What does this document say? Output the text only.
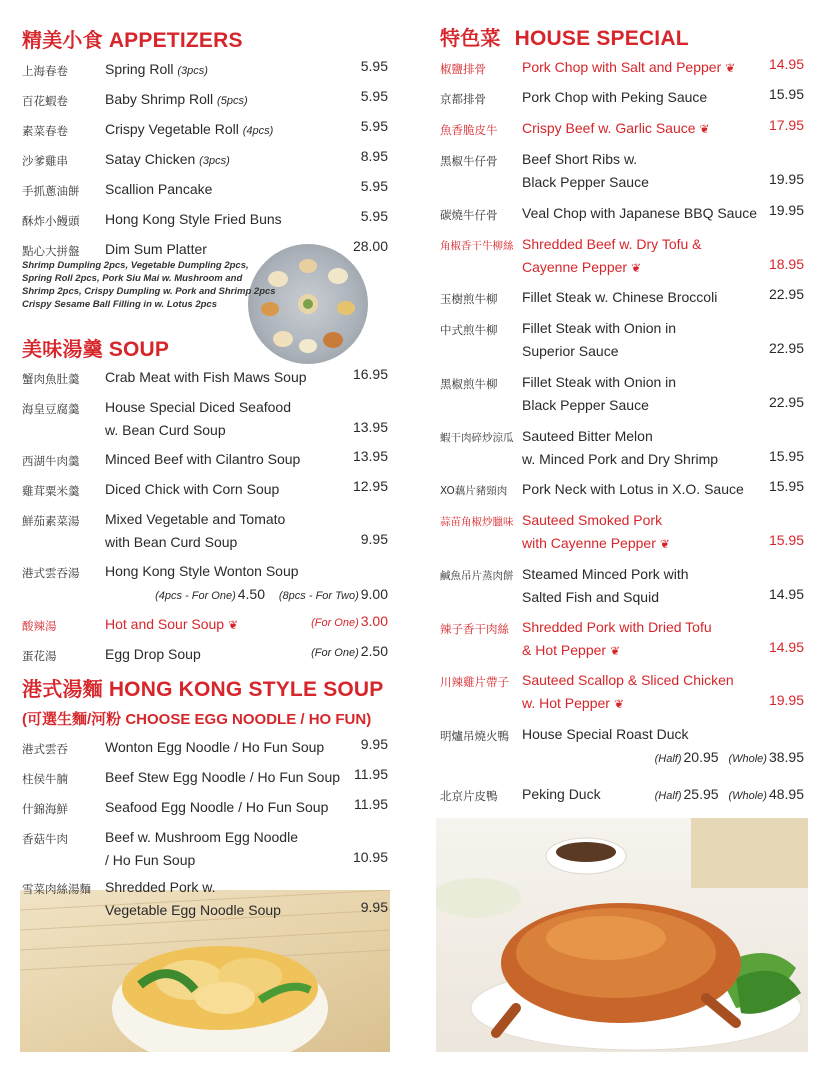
精美小食 APPETIZERS
上海春卷	Spring Roll (3pcs)	5.95
百花蝦卷	Baby Shrimp Roll (5pcs)	5.95
素菜春卷	Crispy Vegetable Roll (4pcs)	5.95
沙爹雞串	Satay Chicken (3pcs)	8.95
手抓蔥油餅 Scallion Pancake	5.95
酥炸小饅頭 Hong Kong Style Fried Buns	5.95
點心大拼盤 Dim Sum Platter	28.00
Shrimp Dumpling 2pcs, Vegetable Dumpling 2pcs,
Spring Roll 2pcs, Pork Siu Mai w. Mushroom and
Shrimp 2pcs, Crispy Dumpling w. Pork and Shrimp 2pcs
Crispy Sesame Ball Filling in w. Lotus 2pcs
美味湯羹 SOUP
蟹肉魚肚羹 Crab Meat with Fish Maws Soup	16.95
海皇豆腐羹 House Special Diced Seafood
w. Bean Curd Soup	13.95
西湖牛肉羹 Minced Beef with Cilantro Soup	13.95
雞茸粟米羹 Diced Chick with Corn Soup	12.95
鮮茄素菜湯 Mixed Vegetable and Tomato
with Bean Curd Soup	9.95
港式雲吞湯 Hong Kong Style Wonton Soup
(4pcs - For One) 4.50 (8pcs - For Two) 9.00
酸辣湯	Hot and Sour Soup ❦	(For One) 3.00
蛋花湯	Egg Drop Soup	(For One) 2.50
港式湯麵 HONG KONG STYLE SOUP
(可選生麵/河粉 CHOOSE EGG NOODLE / HO FUN)
港式雲吞	Wonton Egg Noodle / Ho Fun Soup	9.95
柱侯牛腩	Beef Stew Egg Noodle / Ho Fun Soup 11.95
什錦海鮮	Seafood Egg Noodle / Ho Fun Soup 11.95
香菇牛肉	Beef w. Mushroom Egg Noodle
/ Ho Fun Soup	10.95
雪菜肉絲湯麵 Shredded Pork w.
Vegetable Egg Noodle Soup	9.95
特色菜 HOUSE SPECIAL
椒鹽排骨	Pork Chop with Salt and Pepper ❦ 14.95
京都排骨	Pork Chop with Peking Sauce	15.95
魚香脆皮牛 Crispy Beef w. Garlic Sauce ❦	17.95
黑椒牛仔骨 Beef Short Ribs w.
Black Pepper Sauce	19.95
碳燒牛仔骨 Veal Chop with Japanese BBQ Sauce 19.95
角椒香干牛柳絲 Shredded Beef w. Dry Tofu &
Cayenne Pepper ❦	18.95
玉樹煎牛柳 Fillet Steak w. Chinese Broccoli	22.95
中式煎牛柳 Fillet Steak with Onion in
Superior Sauce	22.95
黑椒煎牛柳 Fillet Steak with Onion in
Black Pepper Sauce	22.95
蝦干肉碎炒涼瓜 Sauteed Bitter Melon
w. Minced Pork and Dry Shrimp	15.95
XO藕片豬頸肉 Pork Neck with Lotus in X.O. Sauce 15.95
蒜苗角椒炒臘味 Sauteed Smoked Pork
with Cayenne Pepper ❦	15.95
鹹魚吊片蒸肉餅 Steamed Minced Pork with
Salted Fish and Squid	14.95
辣子香干肉絲 Shredded Pork with Dried Tofu
& Hot Pepper ❦	14.95
川辣雞片帶子 Sauteed Scallop & Sliced Chicken
w. Hot Pepper ❦	19.95
明爐吊燒火鴨 House Special Roast Duck
(Half) 20.95 (Whole) 38.95
北京片皮鴨 Peking Duck	(Half) 25.95 (Whole) 48.95
